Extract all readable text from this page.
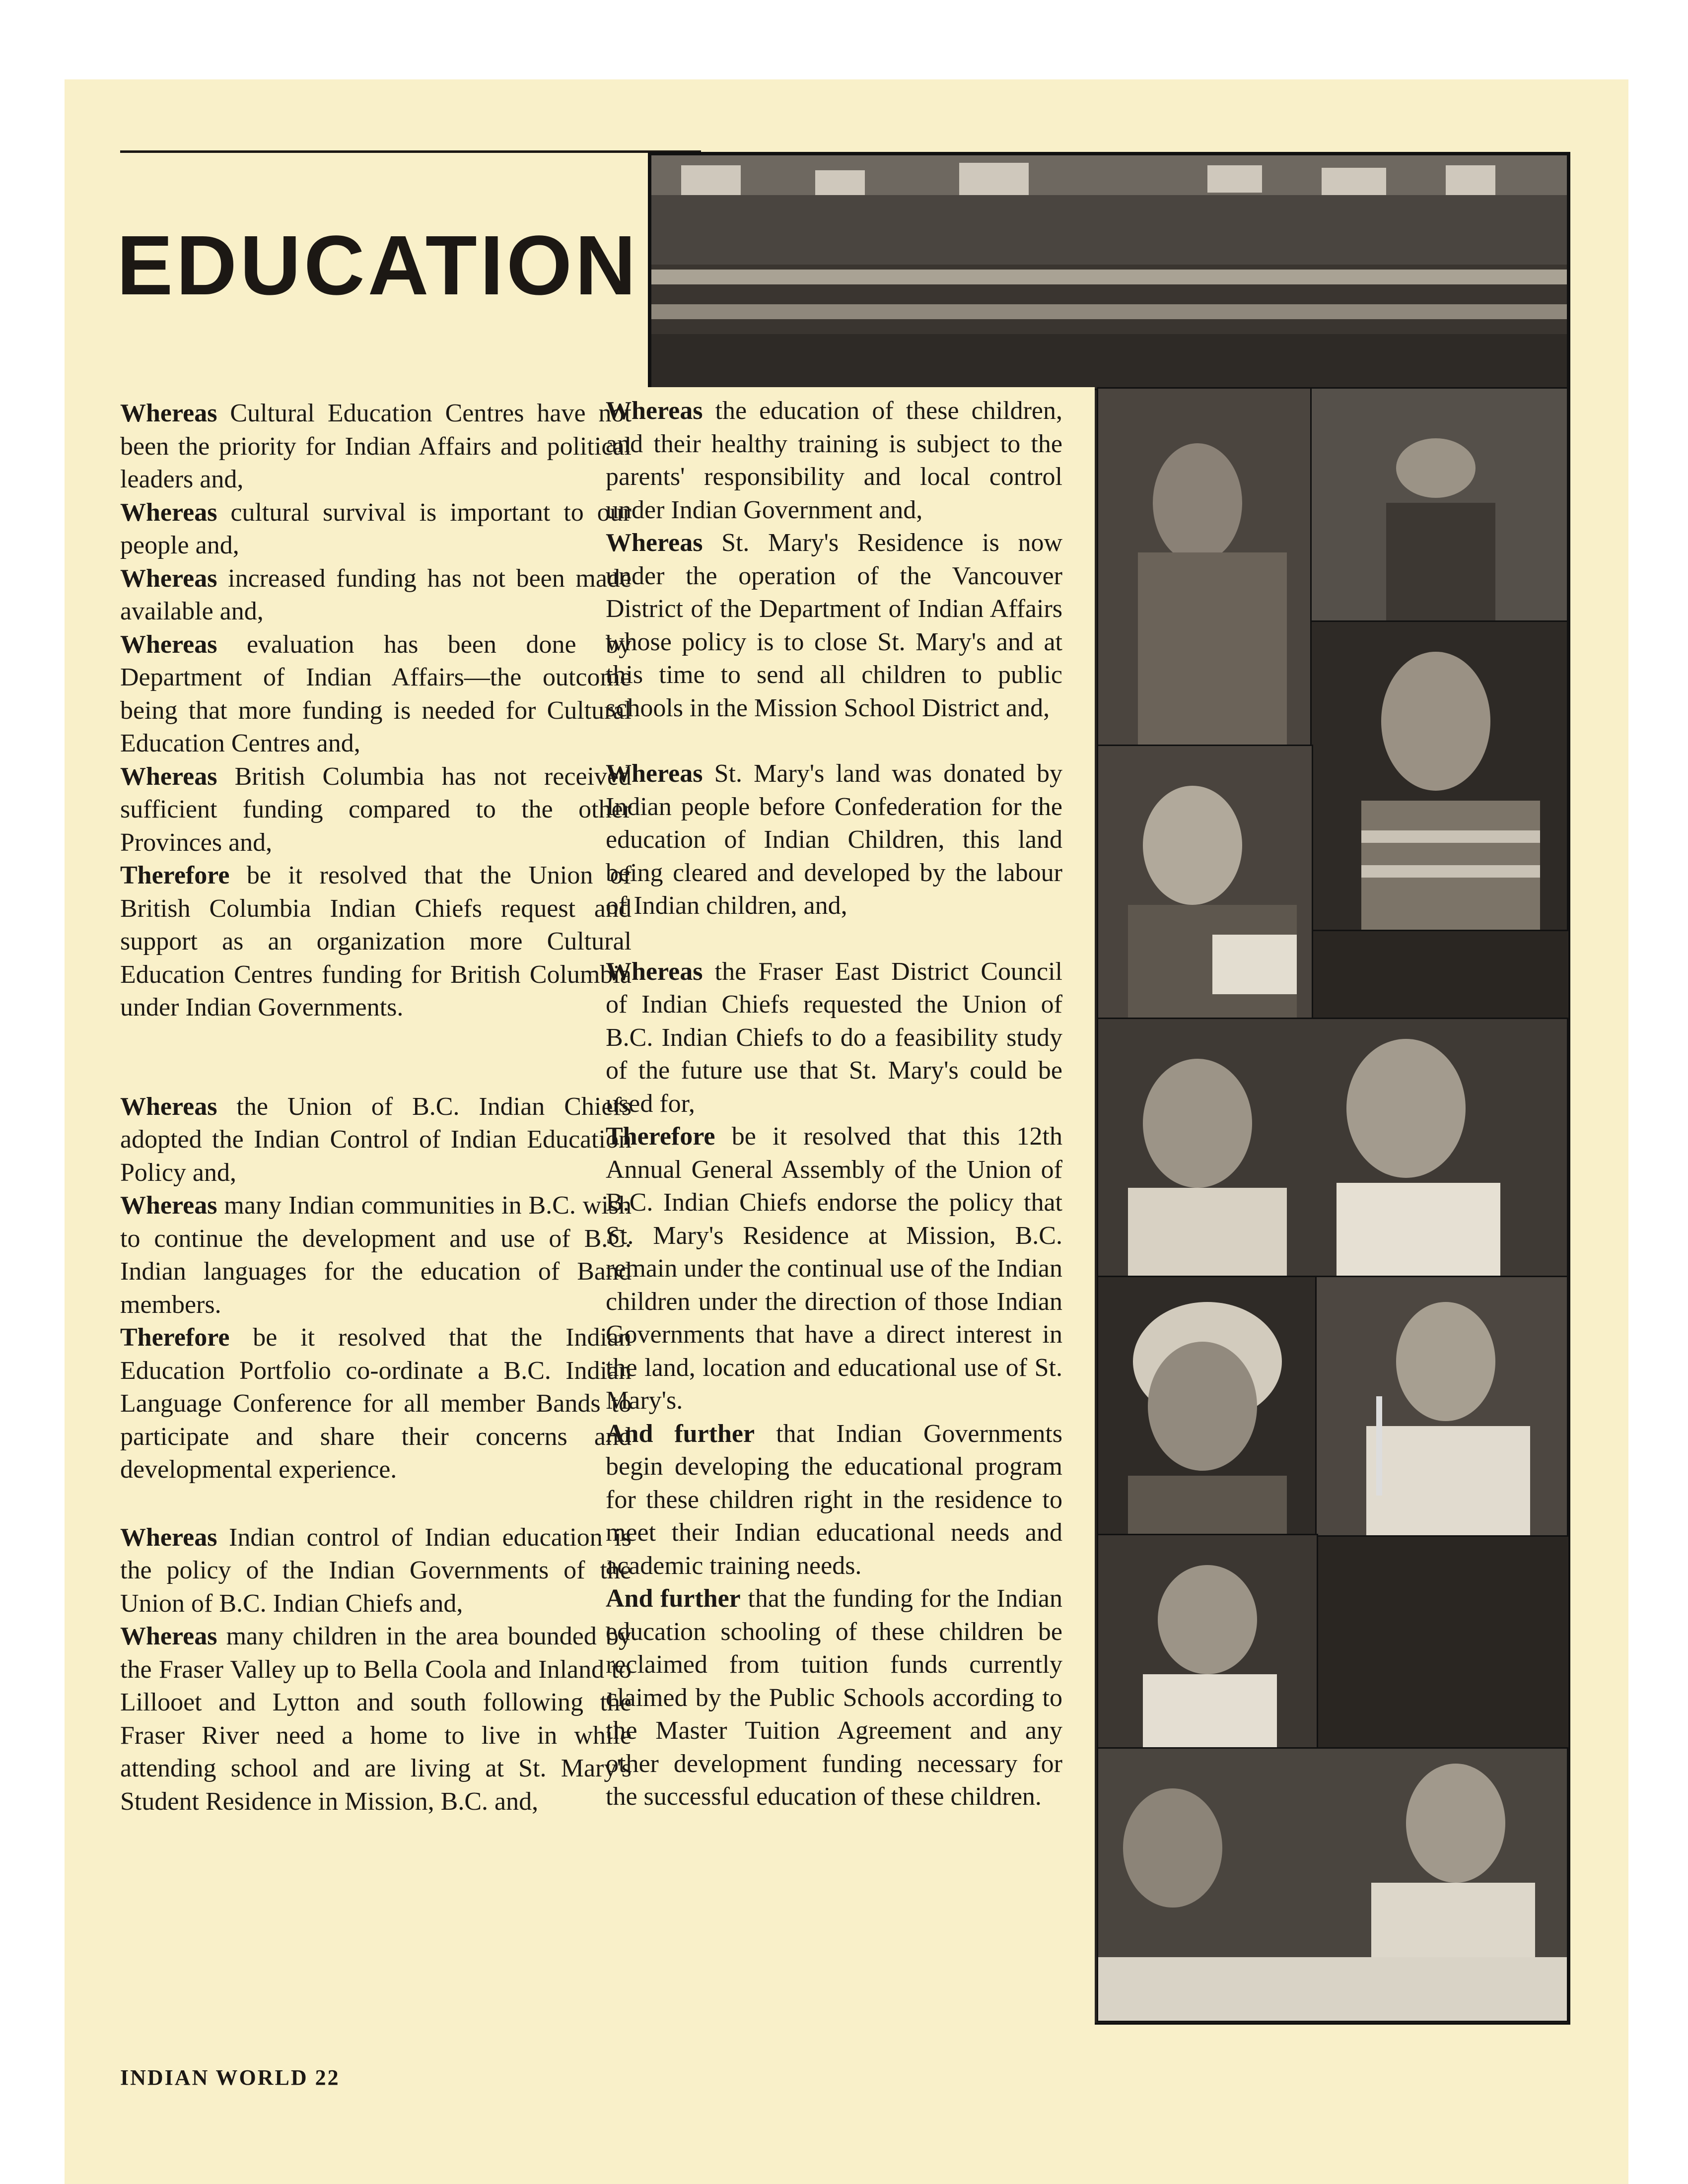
EDUCATION

Whereas Cultural Education Centres have not been the priority for Indian Affairs and political leaders and,

Whereas cultural survival is important to our people and,

Whereas increased funding has not been made available and,

Whereas evaluation has been done by Department of Indian Affairs—the outcome being that more funding is needed for Cultural Education Centres and,

Whereas British Columbia has not received sufficient funding compared to the other Provinces and,

Therefore be it resolved that the Union of British Columbia Indian Chiefs request and support as an organization more Cultural Education Centres funding for British Columbia under Indian Governments.

Whereas the Union of B.C. Indian Chiefs adopted the Indian Control of Indian Education Policy and,

Whereas many Indian communities in B.C. wish to continue the development and use of B.C. Indian languages for the education of Band members.

Therefore be it resolved that the Indian Education Portfolio co-ordinate a B.C. Indian Language Conference for all member Bands to participate and share their concerns and developmental experience.

Whereas Indian control of Indian education is the policy of the Indian Governments of the Union of B.C. Indian Chiefs and,

Whereas many children in the area bounded by the Fraser Valley up to Bella Coola and Inland to Lillooet and Lytton and south following the Fraser River need a home to live in while attending school and are living at St. Mary's Student Residence in Mission, B.C. and,

Whereas the education of these children, and their healthy training is subject to the parents' responsibility and local control under Indian Government and,

Whereas St. Mary's Residence is now under the operation of the Vancouver District of the Department of Indian Affairs whose policy is to close St. Mary's and at this time to send all children to public schools in the Mission School District and,

Whereas St. Mary's land was donated by Indian people before Confederation for the education of Indian Children, this land being cleared and developed by the labour of Indian children, and,

Whereas the Fraser East District Council of Indian Chiefs requested the Union of B.C. Indian Chiefs to do a feasibility study of the future use that St. Mary's could be used for,

Therefore be it resolved that this 12th Annual General Assembly of the Union of B.C. Indian Chiefs endorse the policy that St. Mary's Residence at Mission, B.C. remain under the continual use of the Indian children under the direction of those Indian Governments that have a direct interest in the land, location and educational use of St. Mary's.

And further that Indian Governments begin developing the educational program for these children right in the residence to meet their Indian educational needs and academic training needs.

And further that the funding for the Indian education schooling of these children be reclaimed from tuition funds currently claimed by the Public Schools according to the Master Tuition Agreement and any other development funding necessary for the successful education of these children.

INDIAN WORLD 22
